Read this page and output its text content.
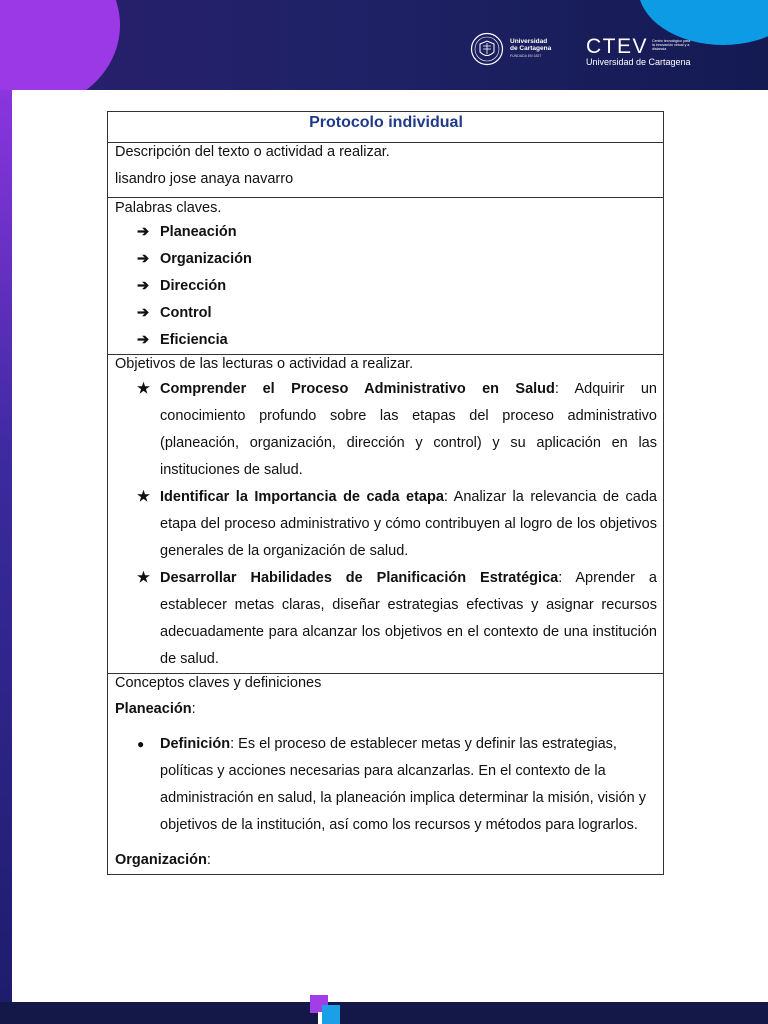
Universidad
de Cartagena
FUNDADA EN 1827	CTEV Centro tecnológico para la innovación virtual y a distancia
Universidad de Cartagena
Protocolo individual

Descripción del texto o actividad a realizar.
lisandro jose anaya navarro

Palabras claves.
➔ Planeación
➔ Organización
➔ Dirección
➔ Control
➔ Eficiencia

Objetivos de las lecturas o actividad a realizar.
★ Comprender el Proceso Administrativo en Salud: Adquirir un conocimiento profundo sobre las etapas del proceso administrativo (planeación, organización, dirección y control) y su aplicación en las instituciones de salud.
★ Identificar la Importancia de cada etapa: Analizar la relevancia de cada etapa del proceso administrativo y cómo contribuyen al logro de los objetivos generales de la organización de salud.
★ Desarrollar Habilidades de Planificación Estratégica: Aprender a establecer metas claras, diseñar estrategias efectivas y asignar recursos adecuadamente para alcanzar los objetivos en el contexto de una institución de salud.

Conceptos claves y definiciones
Planeación:
● Definición: Es el proceso de establecer metas y definir las estrategias, políticas y acciones necesarias para alcanzarlas. En el contexto de la administración en salud, la planeación implica determinar la misión, visión y objetivos de la institución, así como los recursos y métodos para lograrlos.
Organización:
